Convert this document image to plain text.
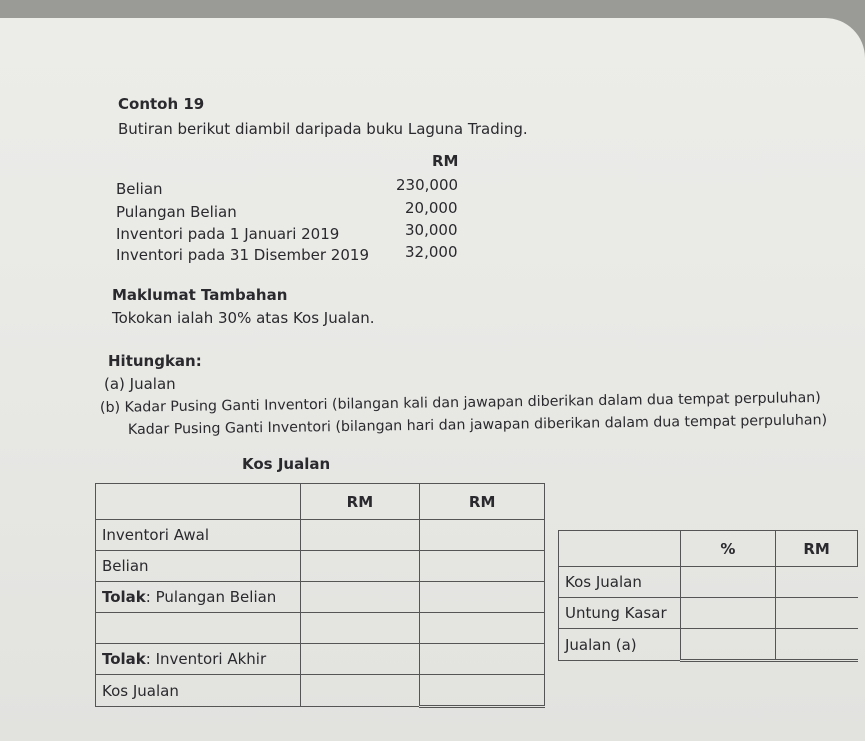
Contoh 19
Butiran berikut diambil daripada buku Laguna Trading.
RM
Belian	230,000
Pulangan Belian	20,000
Inventori pada 1 Januari 2019	30,000
Inventori pada 31 Disember 2019 32,000
Maklumat Tambahan
Tokokan ialah 30% atas Kos Jualan.
Hitungkan:
(a) Jualan
(b) Kadar Pusing Ganti Inventori (bilangan kali dan jawapan diberikan dalam dua tempat perpuluhan)
Kadar Pusing Ganti Inventori (bilangan hari dan jawapan diberikan dalam dua tempat perpuluhan)
Kos Jualan
	RM	RM
Inventori Awal		
Belian		
Tolak: Pulangan Belian		

Tolak: Inventori Akhir		
Kos Jualan		
	%	RM
Kos Jualan		
Untung Kasar		
Jualan (a)		
